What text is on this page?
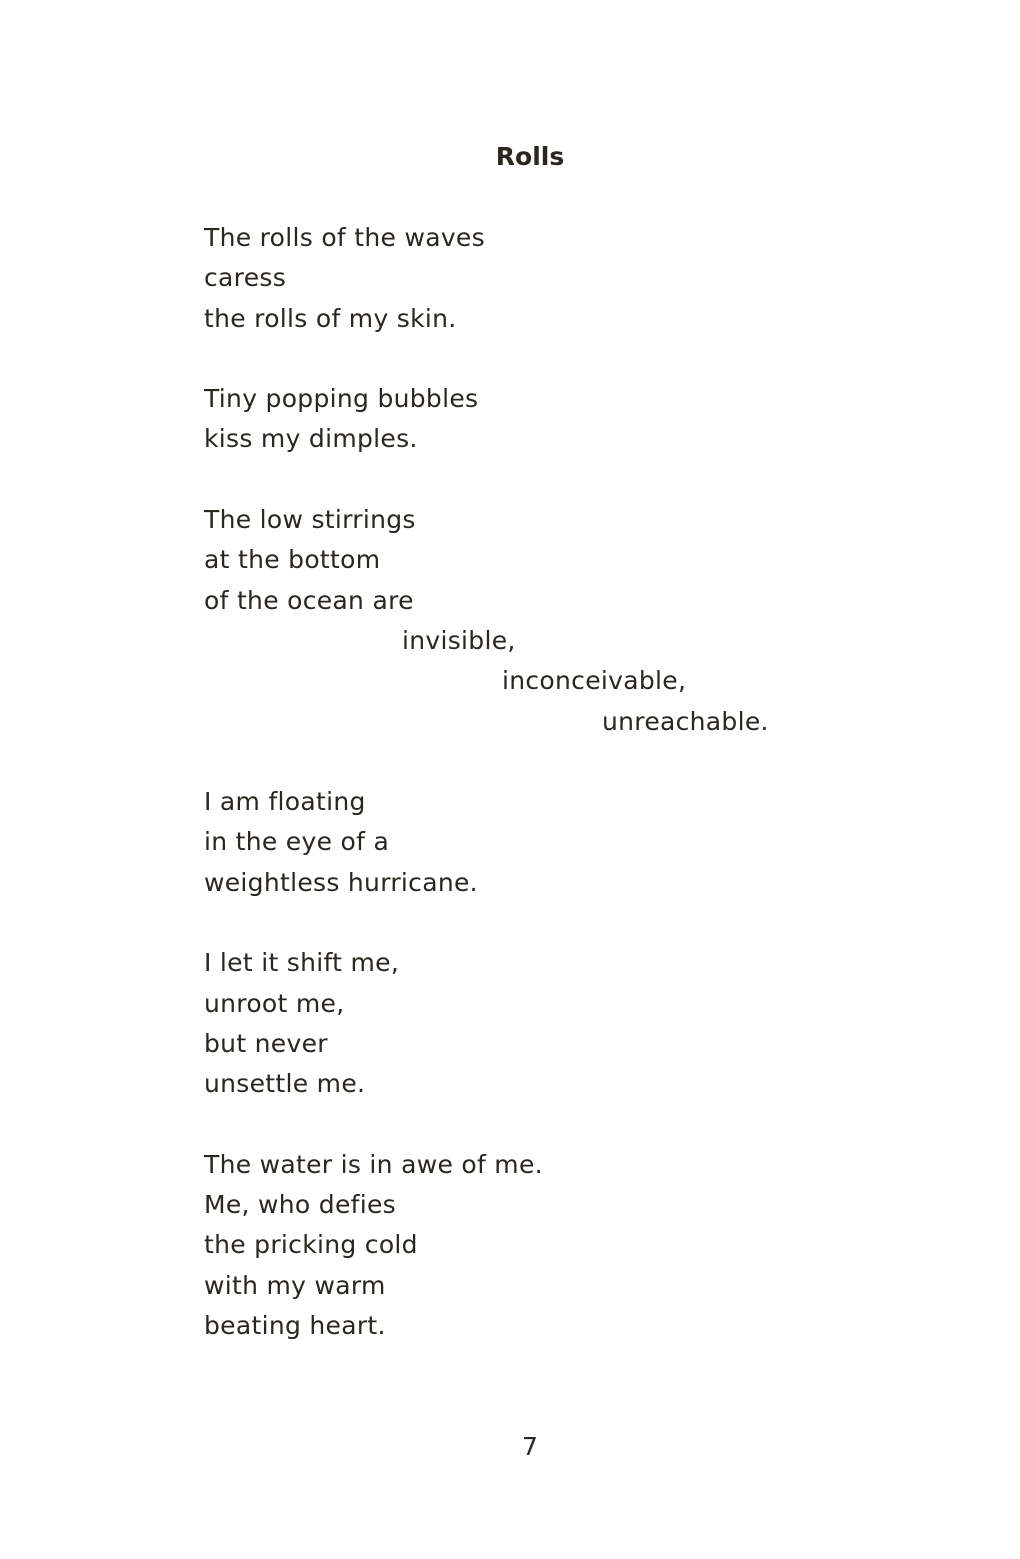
Rolls
The rolls of the waves
caress
the rolls of my skin.
Tiny popping bubbles
kiss my dimples.
The low stirrings
at the bottom
of the ocean are
invisible,
inconceivable,
unreachable.
I am floating
in the eye of a
weightless hurricane.
I let it shift me,
unroot me,
but never
unsettle me.
The water is in awe of me.
Me, who defies
the pricking cold
with my warm
beating heart.
7
